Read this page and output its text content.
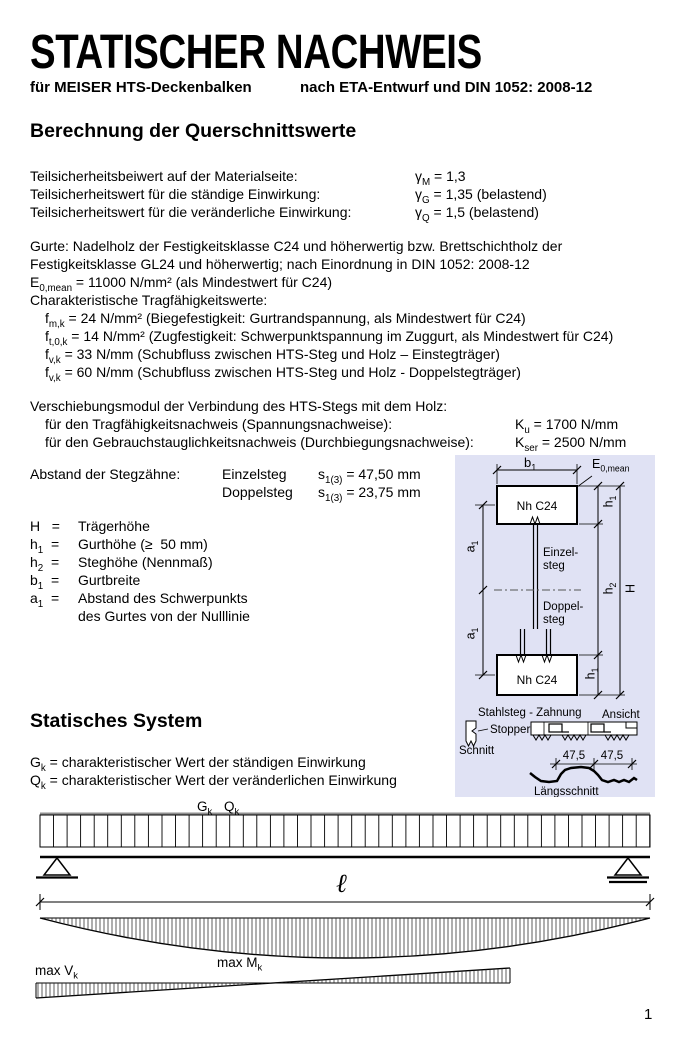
STATISCHER NACHWEIS
für MEISER HTS-Deckenbalken	nach ETA-Entwurf und DIN 1052: 2008-12
Berechnung der Querschnittswerte
Teilsicherheitsbeiwert auf der Materialseite:	$\gamma_M = 1,3$
Teilsicherheitswert für die ständige Einwirkung:	$\gamma_G = 1,35$ (belastend)
Teilsicherheitswert für die veränderliche Einwirkung:	$\gamma_Q = 1,5$ (belastend)
Gurte: Nadelholz der Festigkeitsklasse C24 und höherwertig bzw. Brettschichtholz der
Festigkeitsklasse GL24 und höherwertig; nach Einordnung in DIN 1052: 2008-12
$E_{0,mean} = 11000$ N/mm² (als Mindestwert für C24)
Charakteristische Tragfähigkeitswerte:
$f_{m,k} = 24$ N/mm² (Biegefestigkeit: Gurtrandspannung, als Mindestwert für C24)
$f_{t,0,k} = 14$ N/mm² (Zugfestigkeit: Schwerpunktspannung im Zuggurt, als Mindestwert für C24)
$f_{v,k} = 33$ N/mm (Schubfluss zwischen HTS-Steg und Holz – Einstegträger)
$f_{v,k} = 60$ N/mm (Schubfluss zwischen HTS-Steg und Holz - Doppelstegträger)
Verschiebungsmodul der Verbindung des HTS-Stegs mit dem Holz:
für den Tragfähigkeitsnachweis (Spannungsnachweise):	$K_u = 1700$ N/mm
für den Gebrauchstauglichkeitsnachweis (Durchbiegungsnachweise):	$K_{ser} = 2500$ N/mm
Abstand der Stegzähne:	Einzelsteg $s_{1(3)} = 47,50$ mm
Doppelsteg $s_{1(3)} = 23,75$ mm
H   = Trägerhöhe
$h_1$  = Gurthöhe (≥  50 mm)
$h_2$  = Steghöhe (Nennmaß)
$b_1$  = Gurtbreite
$a_1 = Abstand$ des Schwerpunkts
des Gurtes von der Nulllinie
Nh C24
Nh C24
Einzel-
steg
Doppel-
steg
Stahlsteg - Zahnung Ansicht
Stopper
Schnitt	47,5 47,5
Längsschnitt
$b_1$	$E_{0,mean}$
$a_1$
$a_1$
$h_1$
$h_2$
$h_1$
H
Statisches System
$G_k$ = charakteristischer Wert der ständigen Einwirkung
$Q_k$ = charakteristischer Wert der veränderlichen Einwirkung
$G_k$ $Q_k$
ℓ
$\max M_k$
$\max V_k$
1
